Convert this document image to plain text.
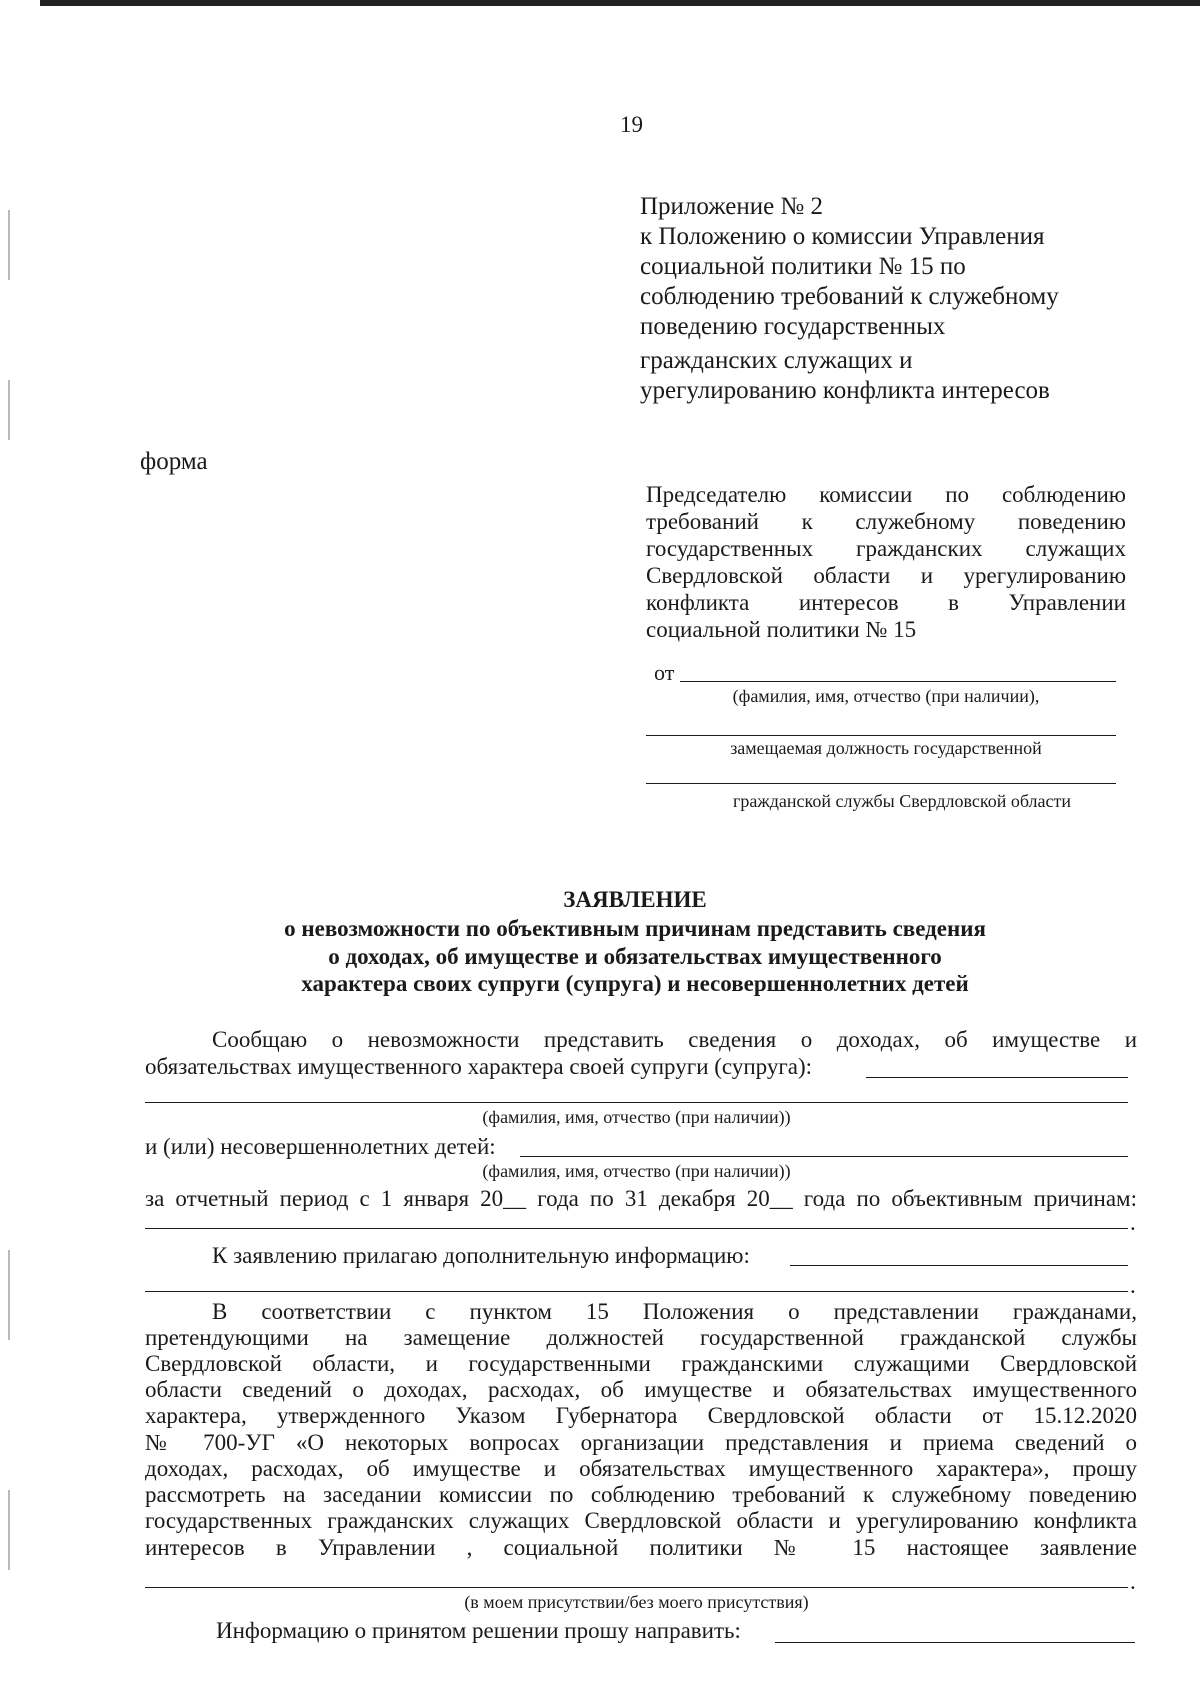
19
Приложение № 2
к Положению о комиссии Управления
социальной политики № 15 по
соблюдению требований к служебному
поведению государственных
гражданских служащих и
урегулированию конфликта интересов
форма
Председателю комиссии по соблюдению
требований к служебному поведению
государственных гражданских служащих
Свердловской области и урегулированию
конфликта интересов в Управлении
социальной политики № 15
от
(фамилия, имя, отчество (при наличии),
замещаемая должность государственной
гражданской службы Свердловской области
ЗАЯВЛЕНИЕ
о невозможности по объективным причинам представить сведения
о доходах, об имуществе и обязательствах имущественного
характера своих супруги (супруга) и несовершеннолетних детей
Сообщаю о невозможности представить сведения о доходах, об имуществе и
обязательствах имущественного характера своей супруги (супруга):
(фамилия, имя, отчество (при наличии))
и (или) несовершеннолетних детей:
(фамилия, имя, отчество (при наличии))
за отчетный период с 1 января 20__ года по 31 декабря 20__ года по объективным причинам:
.
К заявлению прилагаю дополнительную информацию:
.
В соответствии с пунктом 15 Положения о представлении гражданами,
претендующими на замещение должностей государственной гражданской службы
Свердловской области, и государственными гражданскими служащими Свердловской
области сведений о доходах, расходах, об имуществе и обязательствах имущественного
характера, утвержденного Указом Губернатора Свердловской области от 15.12.2020
№ 700-УГ «О некоторых вопросах организации представления и приема сведений о
доходах, расходах, об имуществе и обязательствах имущественного характера», прошу
рассмотреть на заседании комиссии по соблюдению требований к служебному поведению
государственных гражданских служащих Свердловской области и урегулированию конфликта
интересов в Управлении , социальной политики № 15 настоящее заявление
.
(в моем присутствии/без моего присутствия)
Информацию о принятом решении прошу направить:
